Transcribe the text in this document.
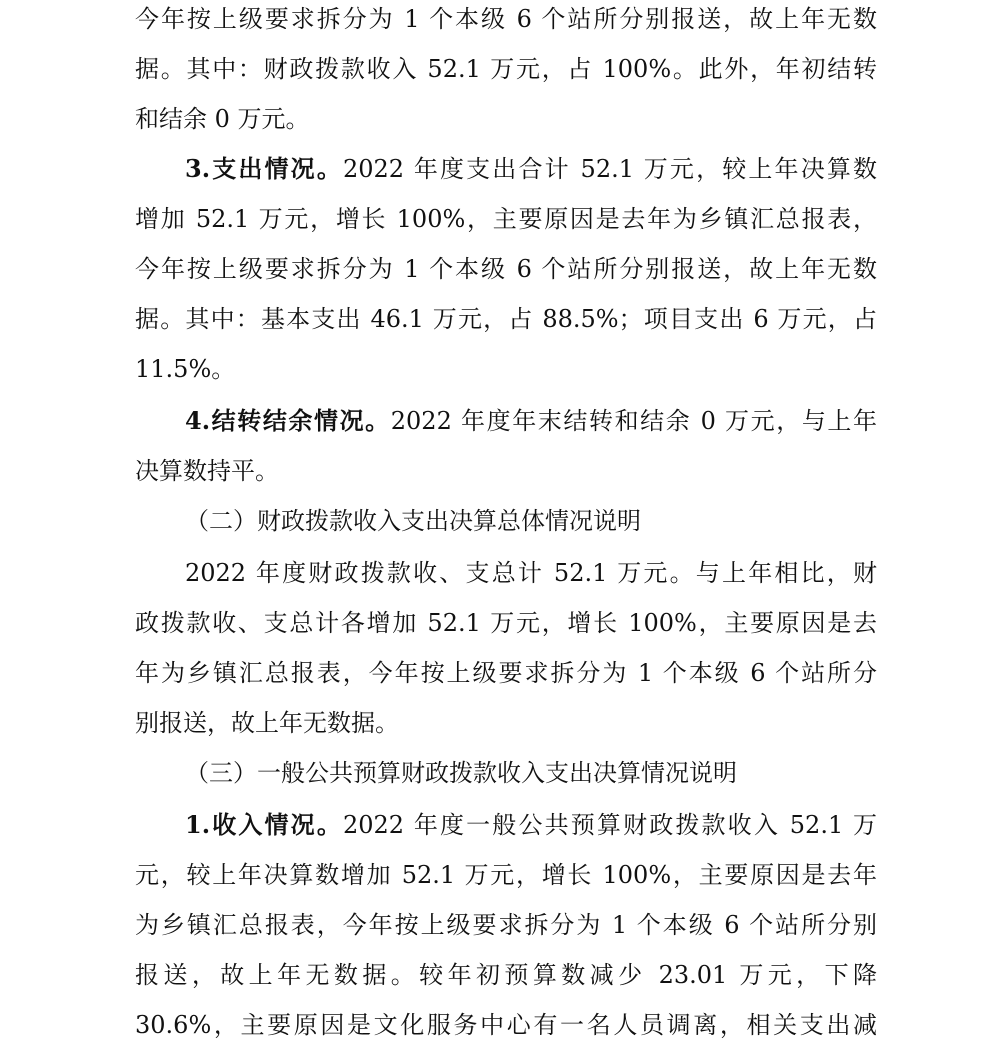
今年按上级要求拆分为 1 个本级 6 个站所分别报送，故上年无数
据。其中：财政拨款收入 52.1 万元，占 100%。此外，年初结转
和结余 0 万元。
3.支出情况。2022 年度支出合计 52.1 万元，较上年决算数
增加 52.1 万元，增长 100%，主要原因是去年为乡镇汇总报表，
今年按上级要求拆分为 1 个本级 6 个站所分别报送，故上年无数
据。其中：基本支出 46.1 万元，占 88.5%；项目支出 6 万元，占
11.5%。
4.结转结余情况。2022 年度年末结转和结余 0 万元，与上年
决算数持平。
（二）财政拨款收入支出决算总体情况说明
2022 年度财政拨款收、支总计 52.1 万元。与上年相比，财
政拨款收、支总计各增加 52.1 万元，增长 100%，主要原因是去
年为乡镇汇总报表，今年按上级要求拆分为 1 个本级 6 个站所分
别报送，故上年无数据。
（三）一般公共预算财政拨款收入支出决算情况说明
1.收入情况。2022 年度一般公共预算财政拨款收入 52.1 万
元，较上年决算数增加 52.1 万元，增长 100%，主要原因是去年
为乡镇汇总报表，今年按上级要求拆分为 1 个本级 6 个站所分别
报送，故上年无数据。较年初预算数减少 23.01 万元，下降
30.6%，主要原因是文化服务中心有一名人员调离，相关支出减
